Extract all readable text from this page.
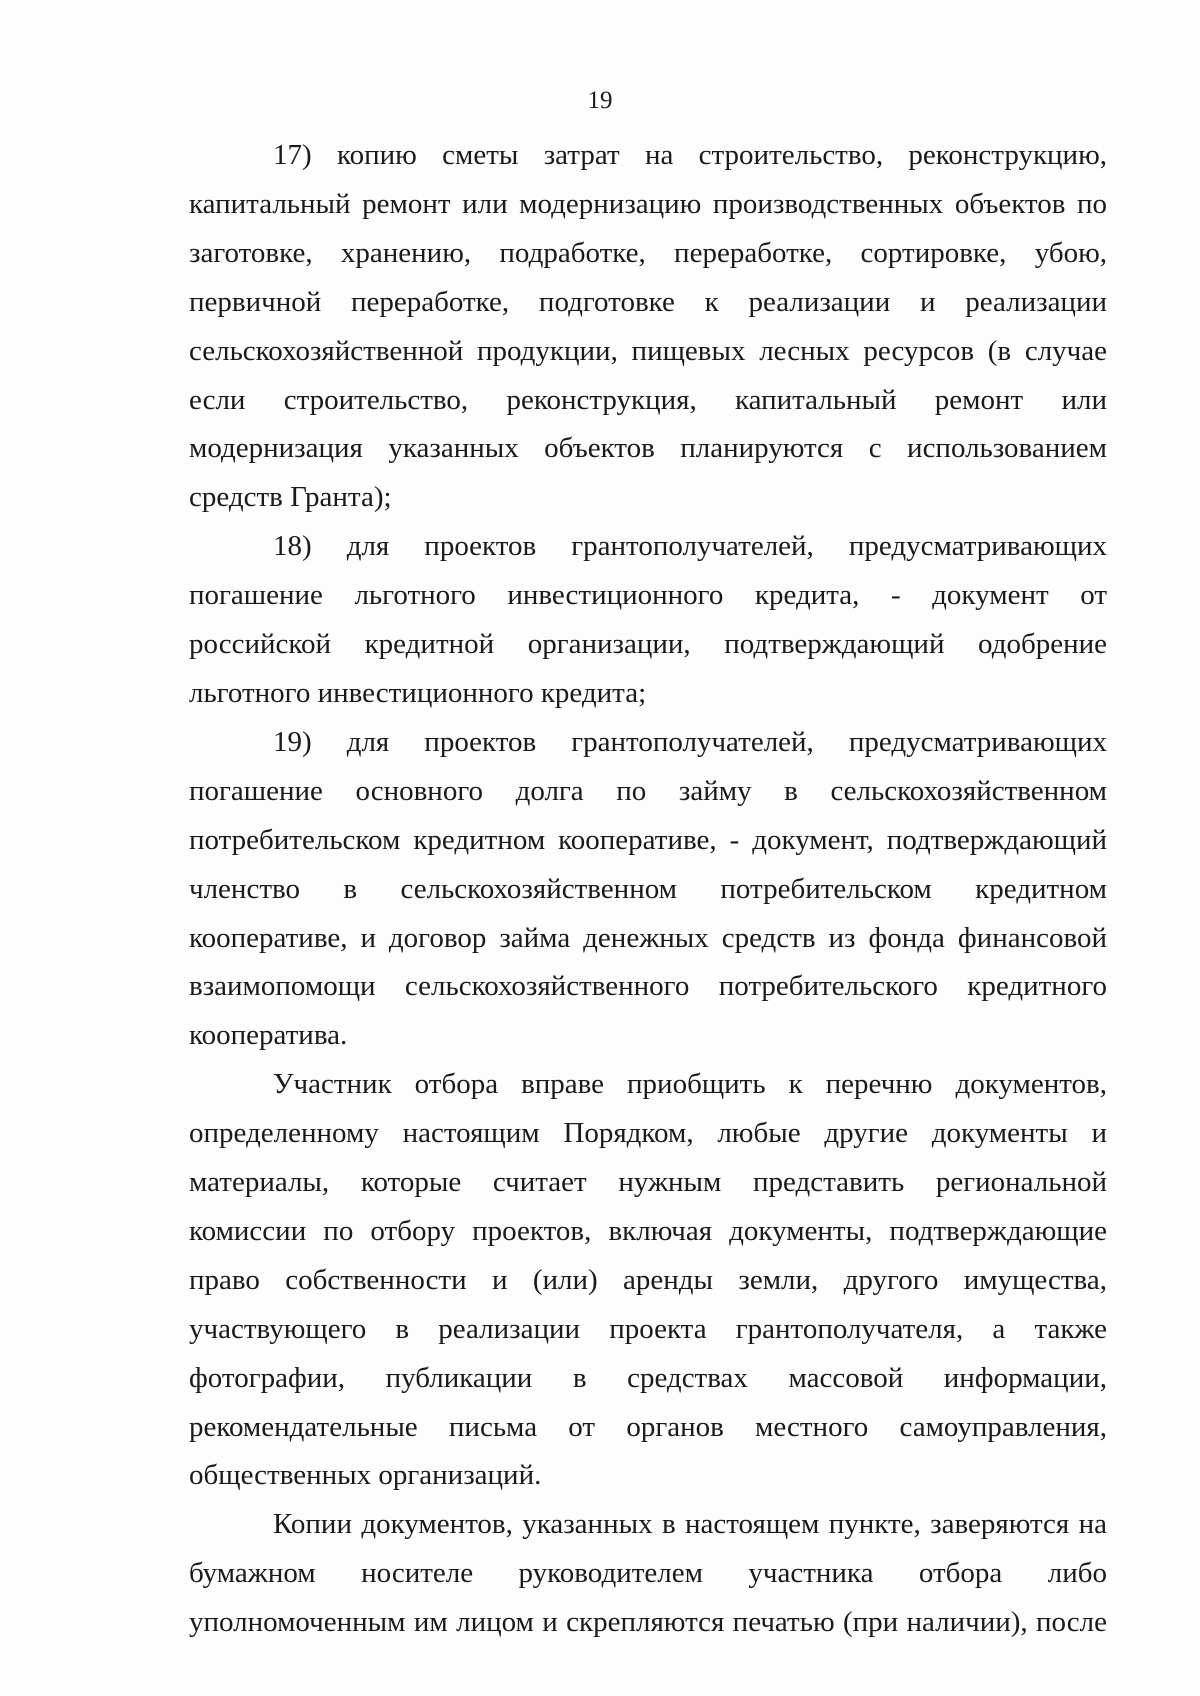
19

17) копию сметы затрат на строительство, реконструкцию, капитальный ремонт или модернизацию производственных объектов по заготовке, хранению, подработке, переработке, сортировке, убою, первичной переработке, подготовке к реализации и реализации сельскохозяйственной продукции, пищевых лесных ресурсов (в случае если строительство, реконструкция, капитальный ремонт или модернизация указанных объектов планируются с использованием средств Гранта);

18) для проектов грантополучателей, предусматривающих погашение льготного инвестиционного кредита, - документ от российской кредитной организации, подтверждающий одобрение льготного инвестиционного кредита;

19) для проектов грантополучателей, предусматривающих погашение основного долга по займу в сельскохозяйственном потребительском кредитном кооперативе, - документ, подтверждающий членство в сельскохозяйственном потребительском кредитном кооперативе, и договор займа денежных средств из фонда финансовой взаимопомощи сельскохозяйственного потребительского кредитного кооператива.

Участник отбора вправе приобщить к перечню документов, определенному настоящим Порядком, любые другие документы и материалы, которые считает нужным представить региональной комиссии по отбору проектов, включая документы, подтверждающие право собственности и (или) аренды земли, другого имущества, участвующего в реализации проекта грантополучателя, а также фотографии, публикации в средствах массовой информации, рекомендательные письма от органов местного самоуправления, общественных организаций.

Копии документов, указанных в настоящем пункте, заверяются на бумажном носителе руководителем участника отбора либо уполномоченным им лицом и скрепляются печатью (при наличии), после
